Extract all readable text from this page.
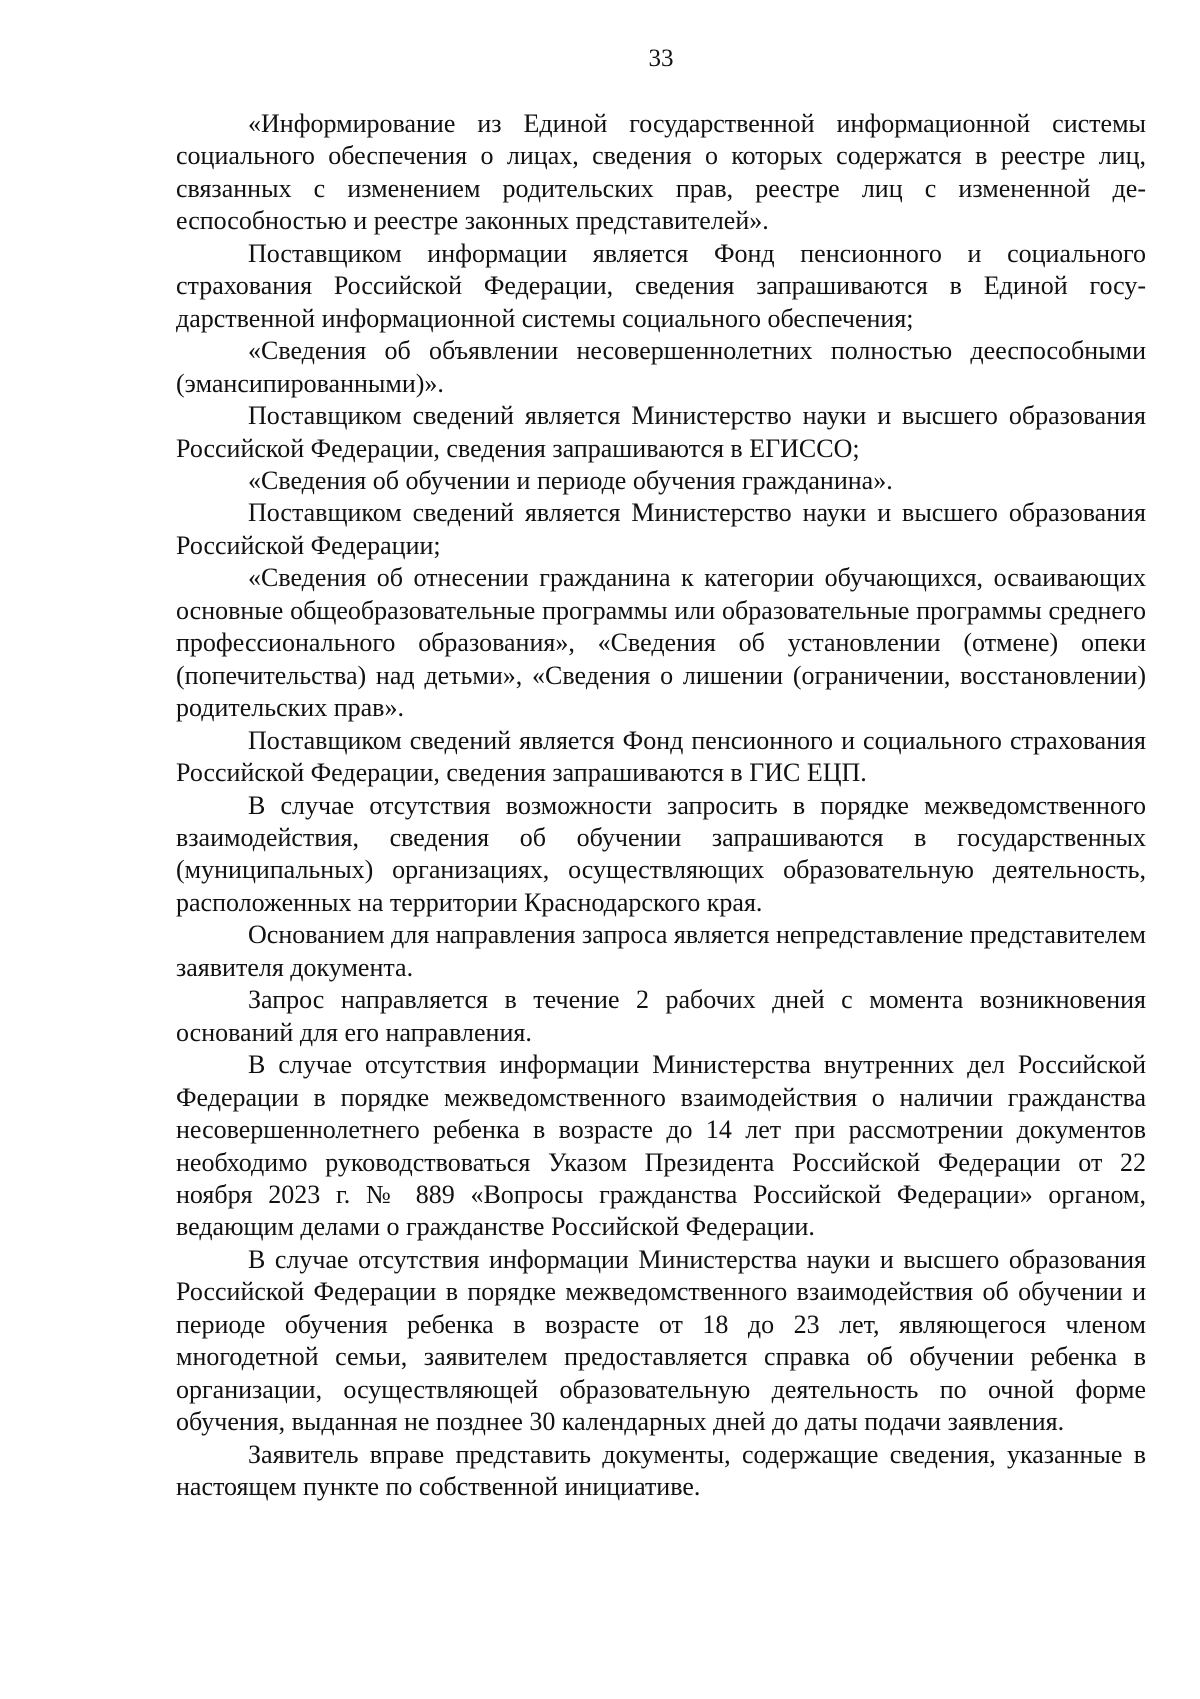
33

«Информирование из Единой государственной информационной системы социального обеспечения о лицах, сведения о которых содержатся в реестре лиц, связанных с изменением родительских прав, реестре лиц с измененной дееспособностью и реестре законных представителей».

Поставщиком информации является Фонд пенсионного и социального страхования Российской Федерации, сведения запрашиваются в Единой государственной информационной системы социального обеспечения;

«Сведения об объявлении несовершеннолетних полностью дееспособными (эмансипированными)».

Поставщиком сведений является Министерство науки и высшего образования Российской Федерации, сведения запрашиваются в ЕГИССО;

«Сведения об обучении и периоде обучения гражданина».

Поставщиком сведений является Министерство науки и высшего образования Российской Федерации;

«Сведения об отнесении гражданина к категории обучающихся, осваивающих основные общеобразовательные программы или образовательные программы среднего профессионального образования», «Сведения об установлении (отмене) опеки (попечительства) над детьми», «Сведения о лишении (ограничении, восстановлении) родительских прав».

Поставщиком сведений является Фонд пенсионного и социального страхования Российской Федерации, сведения запрашиваются в ГИС ЕЦП.

В случае отсутствия возможности запросить в порядке межведомственного взаимодействия, сведения об обучении запрашиваются в государственных (муниципальных) организациях, осуществляющих образовательную деятельность, расположенных на территории Краснодарского края.

Основанием для направления запроса является непредставление представителем заявителя документа.

Запрос направляется в течение 2 рабочих дней с момента возникновения оснований для его направления.

В случае отсутствия информации Министерства внутренних дел Российской Федерации в порядке межведомственного взаимодействия о наличии гражданства несовершеннолетнего ребенка в возрасте до 14 лет при рассмотрении документов необходимо руководствоваться Указом Президента Российской Федерации от 22 ноября 2023 г. № 889 «Вопросы гражданства Российской Федерации» органом, ведающим делами о гражданстве Российской Федерации.

В случае отсутствия информации Министерства науки и высшего образования Российской Федерации в порядке межведомственного взаимодействия об обучении и периоде обучения ребенка в возрасте от 18 до 23 лет, являющегося членом многодетной семьи, заявителем предоставляется справка об обучении ребенка в организации, осуществляющей образовательную деятельность по очной форме обучения, выданная не позднее 30 календарных дней до даты подачи заявления.

Заявитель вправе представить документы, содержащие сведения, указанные в настоящем пункте по собственной инициативе.
